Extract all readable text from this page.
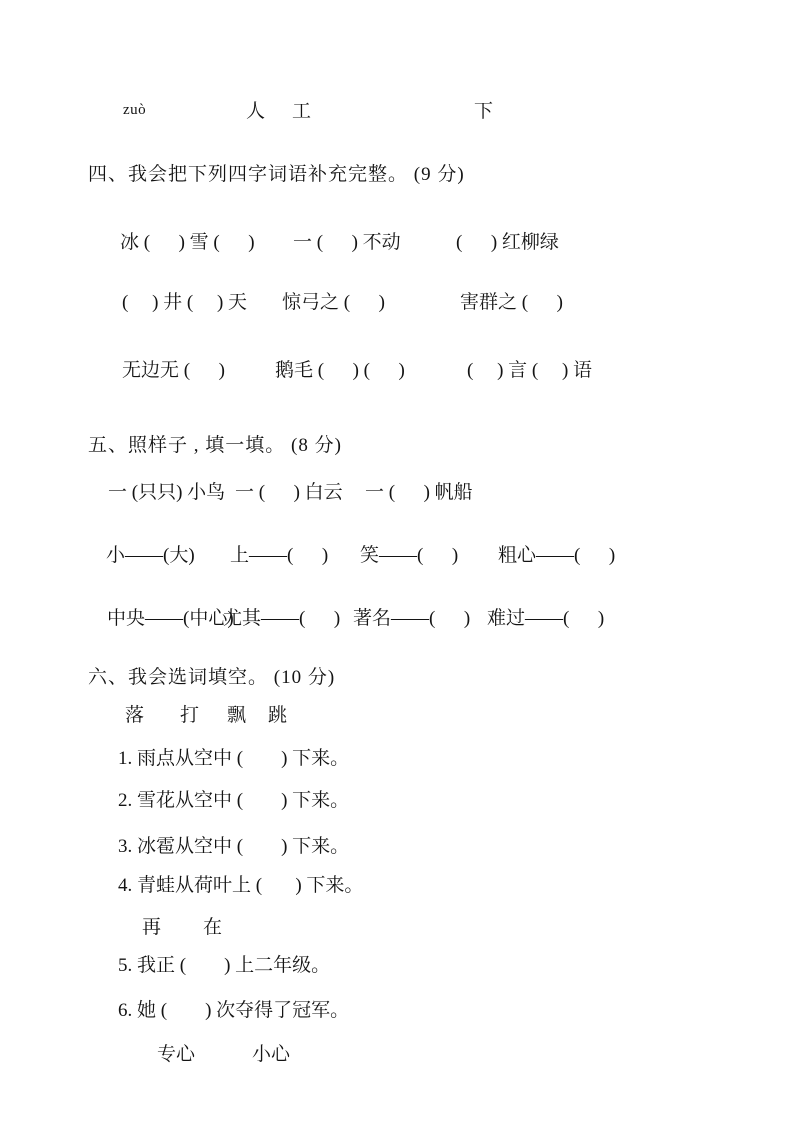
zuò	人 工	下
四、我会把下列四字词语补充完整。 (9 分)
冰 (      ) 雪 (      ) 一 (      ) 不动	(      ) 红柳绿
(     ) 井 (     ) 天 惊弓之 (      )	害群之 (      )
无边无 (      )	鹅毛 (      ) (      )	(     ) 言 (     ) 语
五、照样子 , 填一填。 (8 分)
一 (只只) 小鸟 一 (      ) 白云 一 (      ) 帆船
小——(大) 上——(      ) 笑——(      ) 粗心——(      )
中央——(中心)
尤其——(      ) 著名——(      ) 难过——(      )
六、我会选词填空。 (10 分)
落 打 飘 跳
1. 雨点从空中 (        ) 下来。
2. 雪花从空中 (        ) 下来。
3. 冰雹从空中 (        ) 下来。
4. 青蛙从荷叶上 (       ) 下来。
再 在
5. 我正 (        ) 上二年级。
6. 她 (        ) 次夺得了冠军。
专心	小心
